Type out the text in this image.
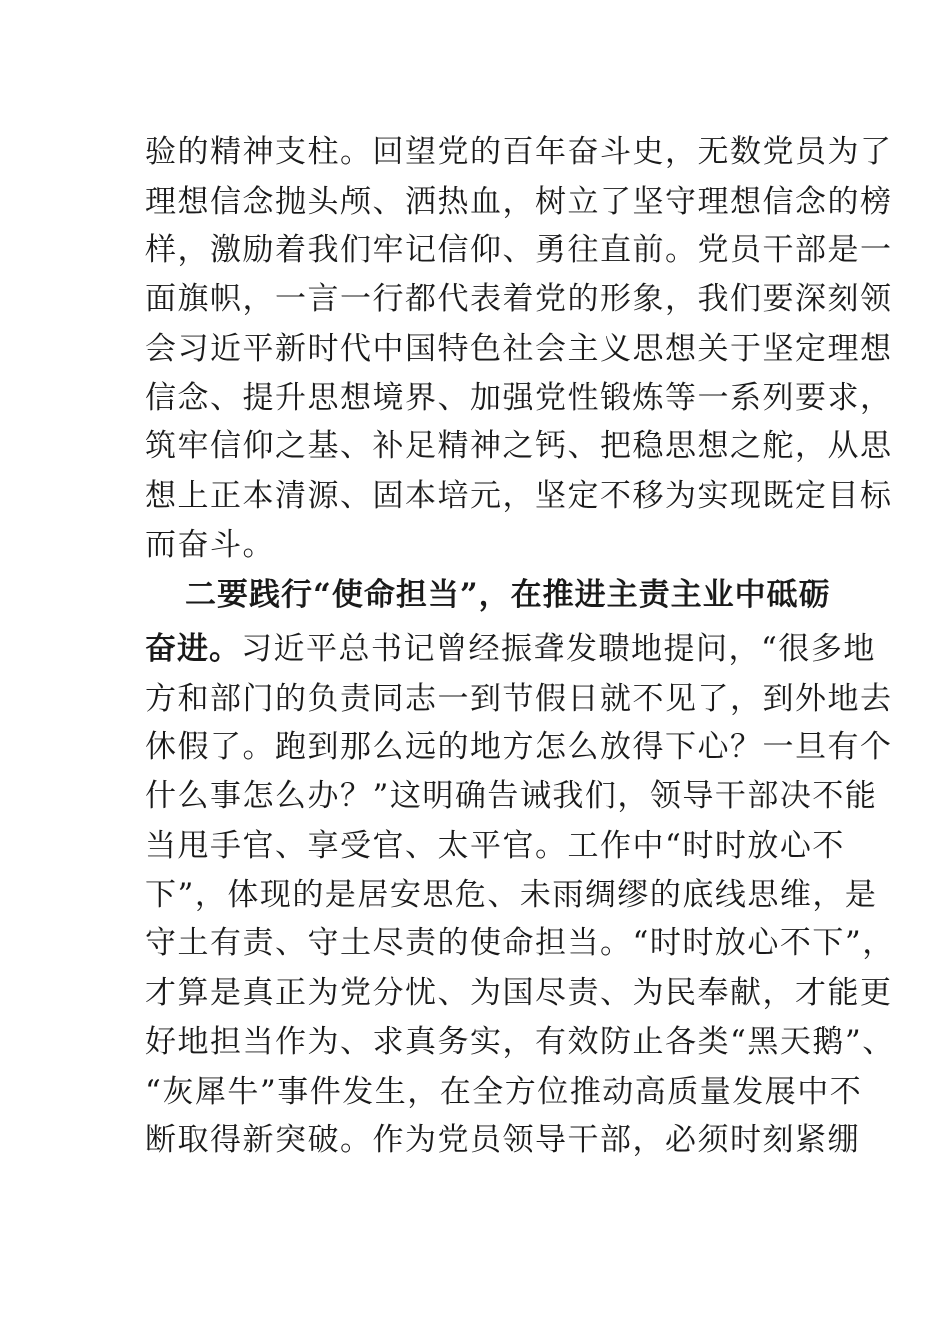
验的精神支柱。回望党的百年奋斗史，无数党员为了
理想信念抛头颅、洒热血，树立了坚守理想信念的榜
样，激励着我们牢记信仰、勇往直前。党员干部是一
面旗帜，一言一行都代表着党的形象，我们要深刻领
会习近平新时代中国特色社会主义思想关于坚定理想
信念、提升思想境界、加强党性锻炼等一系列要求，
筑牢信仰之基、补足精神之钙、把稳思想之舵，从思
想上正本清源、固本培元，坚定不移为实现既定目标
而奋斗。
二要践行“使命担当”，在推进主责主业中砥砺
奋进。习近平总书记曾经振聋发聩地提问，“很多地
方和部门的负责同志一到节假日就不见了，到外地去
休假了。跑到那么远的地方怎么放得下心？一旦有个
什么事怎么办？”这明确告诫我们，领导干部决不能
当甩手官、享受官、太平官。工作中“时时放心不
下”，体现的是居安思危、未雨绸缪的底线思维，是
守土有责、守土尽责的使命担当。“时时放心不下”，
才算是真正为党分忧、为国尽责、为民奉献，才能更
好地担当作为、求真务实，有效防止各类“黑天鹅”、
“灰犀牛”事件发生，在全方位推动高质量发展中不
断取得新突破。作为党员领导干部，必须时刻紧绷
